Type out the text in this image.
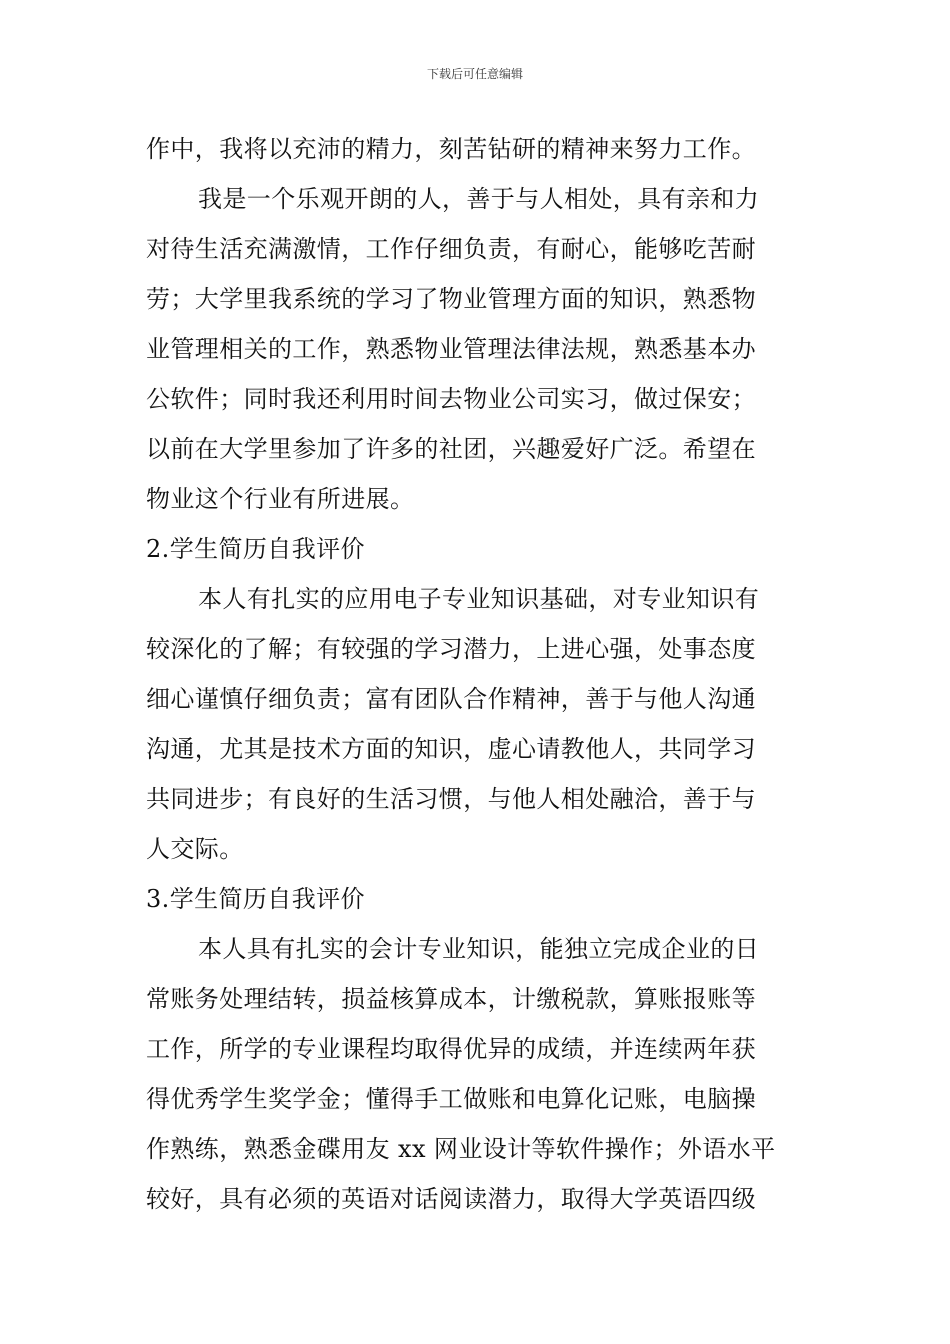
下载后可任意编辑
作中，我将以充沛的精力，刻苦钻研的精神来努力工作。
我是一个乐观开朗的人，善于与人相处，具有亲和力
对待生活充满激情，工作仔细负责，有耐心，能够吃苦耐
劳；大学里我系统的学习了物业管理方面的知识，熟悉物
业管理相关的工作，熟悉物业管理法律法规，熟悉基本办
公软件；同时我还利用时间去物业公司实习，做过保安；
以前在大学里参加了许多的社团，兴趣爱好广泛。希望在
物业这个行业有所进展。
2.学生简历自我评价
本人有扎实的应用电子专业知识基础，对专业知识有
较深化的了解；有较强的学习潜力，上进心强，处事态度
细心谨慎仔细负责；富有团队合作精神，善于与他人沟通
沟通，尤其是技术方面的知识，虚心请教他人，共同学习
共同进步；有良好的生活习惯，与他人相处融洽，善于与
人交际。
3.学生简历自我评价
本人具有扎实的会计专业知识，能独立完成企业的日
常账务处理结转，损益核算成本，计缴税款，算账报账等
工作，所学的专业课程均取得优异的成绩，并连续两年获
得优秀学生奖学金；懂得手工做账和电算化记账，电脑操
作熟练，熟悉金碟用友 xx 网业设计等软件操作；外语水平
较好，具有必须的英语对话阅读潜力，取得大学英语四级
